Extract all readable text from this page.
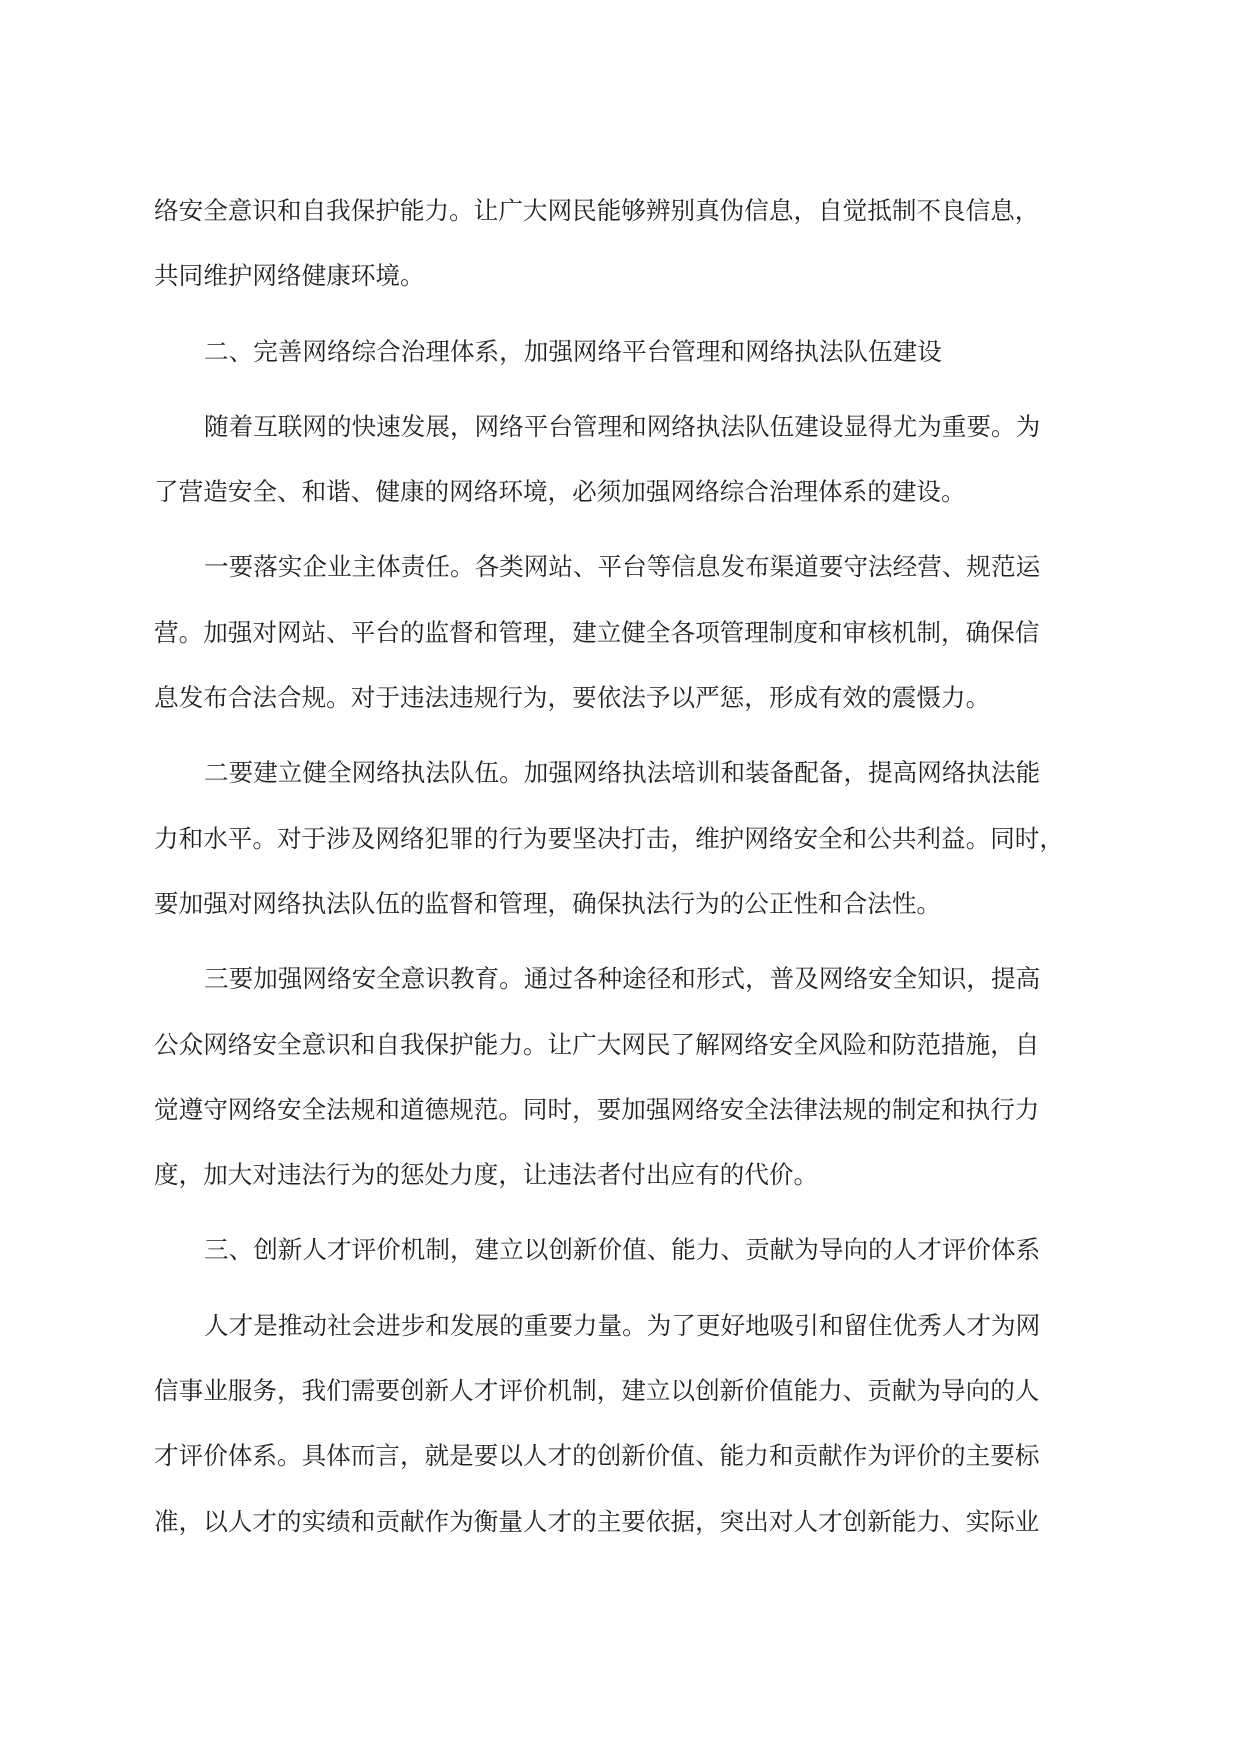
络安全意识和自我保护能力。让广大网民能够辨别真伪信息，自觉抵制不良信息，
共同维护网络健康环境。
二、完善网络综合治理体系，加强网络平台管理和网络执法队伍建设
随着互联网的快速发展，网络平台管理和网络执法队伍建设显得尤为重要。为
了营造安全、和谐、健康的网络环境，必须加强网络综合治理体系的建设。
一要落实企业主体责任。各类网站、平台等信息发布渠道要守法经营、规范运
营。加强对网站、平台的监督和管理，建立健全各项管理制度和审核机制，确保信
息发布合法合规。对于违法违规行为，要依法予以严惩，形成有效的震慑力。
二要建立健全网络执法队伍。加强网络执法培训和装备配备，提高网络执法能
力和水平。对于涉及网络犯罪的行为要坚决打击，维护网络安全和公共利益。同时，
要加强对网络执法队伍的监督和管理，确保执法行为的公正性和合法性。
三要加强网络安全意识教育。通过各种途径和形式，普及网络安全知识，提高
公众网络安全意识和自我保护能力。让广大网民了解网络安全风险和防范措施，自
觉遵守网络安全法规和道德规范。同时，要加强网络安全法律法规的制定和执行力
度，加大对违法行为的惩处力度，让违法者付出应有的代价。
三、创新人才评价机制，建立以创新价值、能力、贡献为导向的人才评价体系
人才是推动社会进步和发展的重要力量。为了更好地吸引和留住优秀人才为网
信事业服务，我们需要创新人才评价机制，建立以创新价值能力、贡献为导向的人
才评价体系。具体而言，就是要以人才的创新价值、能力和贡献作为评价的主要标
准，以人才的实绩和贡献作为衡量人才的主要依据，突出对人才创新能力、实际业
